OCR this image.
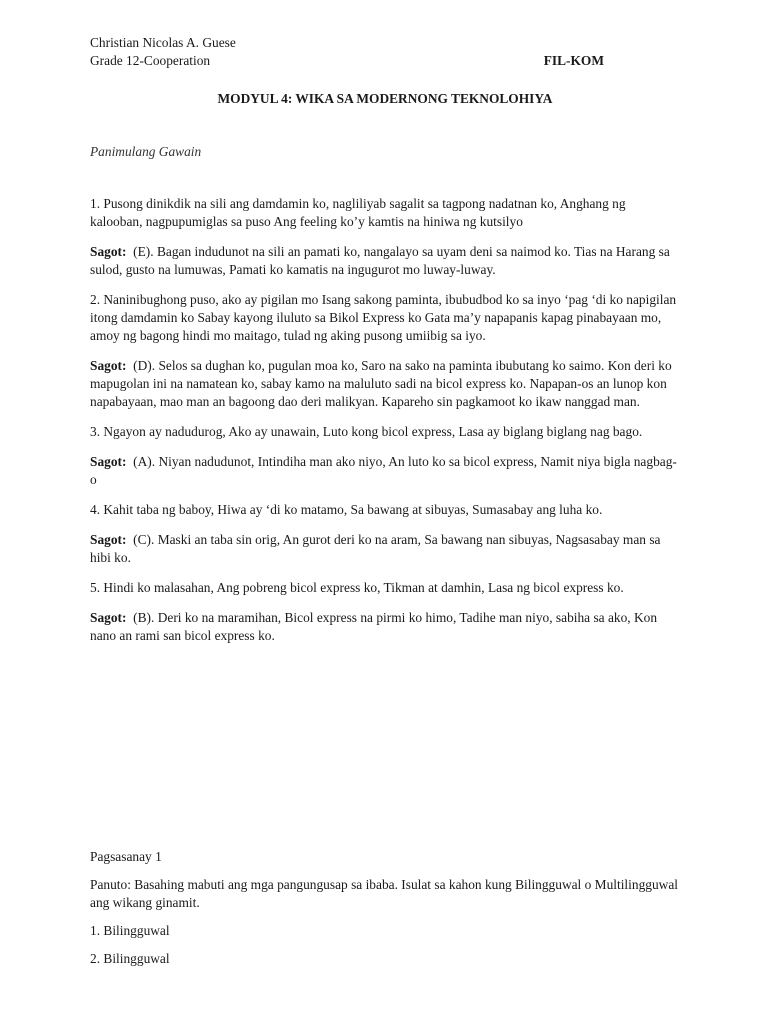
Christian Nicolas A. Guese
Grade 12-Cooperation	FIL-KOM
MODYUL 4: WIKA SA MODERNONG TEKNOLOHIYA
Panimulang Gawain

1. Pusong dinikdik na sili ang damdamin ko, nagliliyab sagalit sa tagpong nadatnan ko, Anghang ng kalooban, nagpupumiglas sa puso Ang feeling ko’y kamtis na hiniwa ng kutsilyo

Sagot: (E). Bagan indudunot na sili an pamati ko, nangalayo sa uyam deni sa naimod ko. Tias na Harang sa sulod, gusto na lumuwas, Pamati ko kamatis na ingugurot mo luway-luway.

2. Naninibughong puso, ako ay pigilan mo Isang sakong paminta, ibubudbod ko sa inyo ‘pag ‘di ko napigilan itong damdamin ko Sabay kayong iluluto sa Bikol Express ko Gata ma’y napapanis kapag pinabayaan mo, amoy ng bagong hindi mo maitago, tulad ng aking pusong umiibig sa iyo.

Sagot: (D). Selos sa dughan ko, pugulan moa ko, Saro na sako na paminta ibubutang ko saimo. Kon deri ko mapugolan ini na namatean ko, sabay kamo na maluluto sadi na bicol express ko. Napapan-os an lunop kon napabayaan, mao man an bagoong dao deri malikyan. Kapareho sin pagkamoot ko ikaw nanggad man.

3. Ngayon ay nadudurog, Ako ay unawain, Luto kong bicol express, Lasa ay biglang biglang nag bago.

Sagot: (A). Niyan nadudunot, Intindiha man ako niyo, An luto ko sa bicol express, Namit niya bigla nagbag-o

4. Kahit taba ng baboy, Hiwa ay ‘di ko matamo, Sa bawang at sibuyas, Sumasabay ang luha ko.

Sagot: (C). Maski an taba sin orig, An gurot deri ko na aram, Sa bawang nan sibuyas, Nagsasabay man sa hibi ko.

5. Hindi ko malasahan, Ang pobreng bicol express ko, Tikman at damhin, Lasa ng bicol express ko.

Sagot: (B). Deri ko na maramihan, Bicol express na pirmi ko himo, Tadihe man niyo, sabiha sa ako, Kon nano an rami san bicol express ko.

Pagsasanay 1

Panuto: Basahing mabuti ang mga pangungusap sa ibaba. Isulat sa kahon kung Bilingguwal o Multilingguwal ang wikang ginamit.

1. Bilingguwal

2. Bilingguwal
